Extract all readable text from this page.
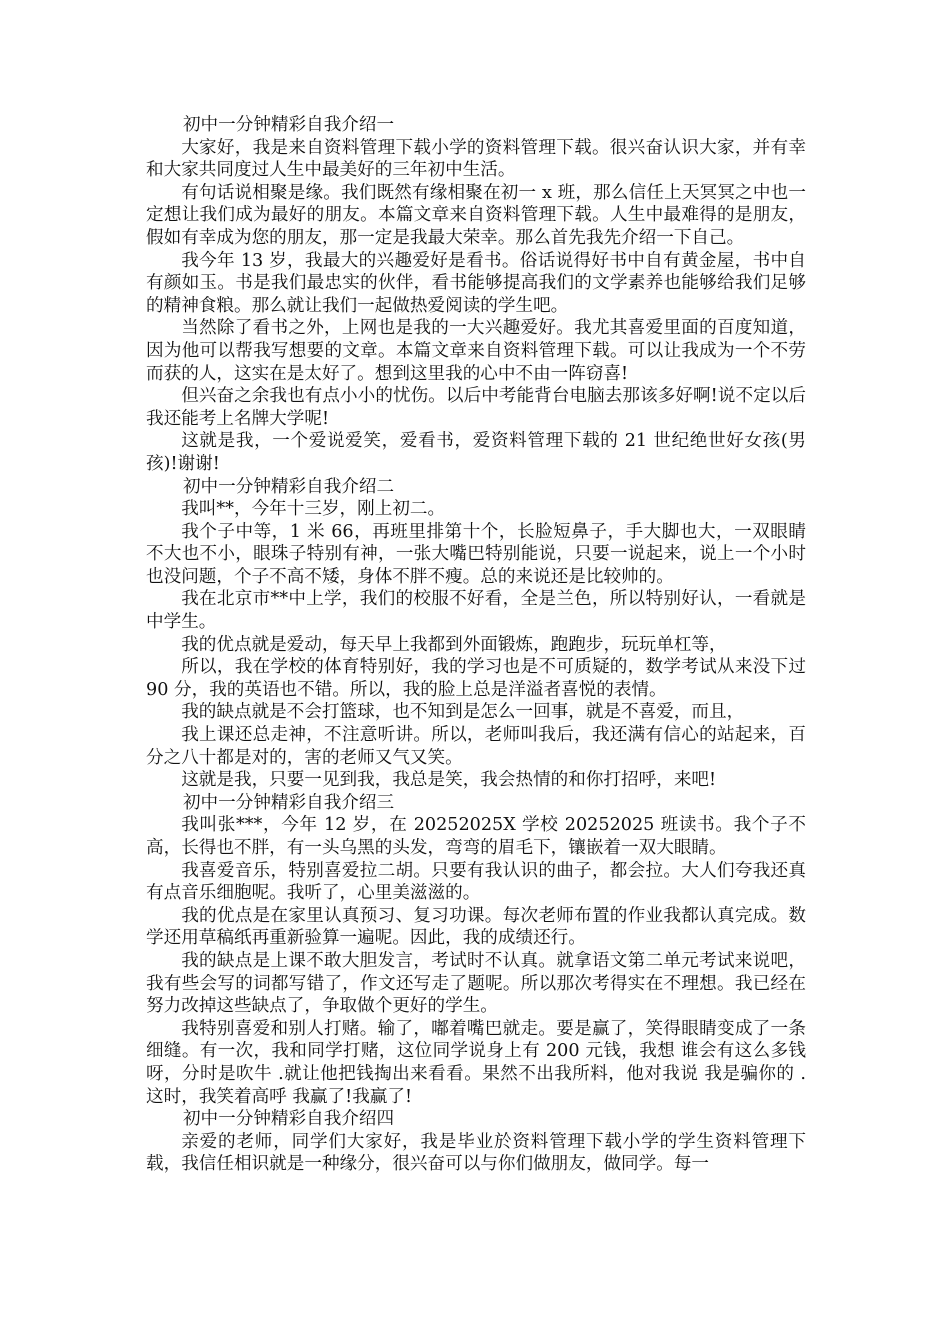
初中一分钟精彩自我介绍一

大家好，我是来自资料管理下载小学的资料管理下载。很兴奋认识大家，并有幸和大家共同度过人生中最美好的三年初中生活。

有句话说相聚是缘。我们既然有缘相聚在初一 x 班，那么信任上天冥冥之中也一定想让我们成为最好的朋友。本篇文章来自资料管理下载。人生中最难得的是朋友，假如有幸成为您的朋友，那一定是我最大荣幸。那么首先我先介绍一下自己。

我今年 13 岁，我最大的兴趣爱好是看书。俗话说得好书中自有黄金屋，书中自有颜如玉。书是我们最忠实的伙伴，看书能够提高我们的文学素养也能够给我们足够的精神食粮。那么就让我们一起做热爱阅读的学生吧。

当然除了看书之外，上网也是我的一大兴趣爱好。我尤其喜爱里面的百度知道，因为他可以帮我写想要的文章。本篇文章来自资料管理下载。可以让我成为一个不劳而获的人，这实在是太好了。想到这里我的心中不由一阵窃喜!

但兴奋之余我也有点小小的忧伤。以后中考能背台电脑去那该多好啊!说不定以后我还能考上名牌大学呢!

这就是我，一个爱说爱笑，爱看书，爱资料管理下载的 21 世纪绝世好女孩(男孩)!谢谢!

初中一分钟精彩自我介绍二

我叫**，今年十三岁，刚上初二。

我个子中等，1 米 66，再班里排第十个，长脸短鼻子，手大脚也大，一双眼睛不大也不小，眼珠子特别有神，一张大嘴巴特别能说，只要一说起来，说上一个小时也没问题，个子不高不矮，身体不胖不瘦。总的来说还是比较帅的。

我在北京市**中上学，我们的校服不好看，全是兰色，所以特别好认，一看就是中学生。

我的优点就是爱动，每天早上我都到外面锻炼，跑跑步，玩玩单杠等，

所以，我在学校的体育特别好，我的学习也是不可质疑的，数学考试从来没下过 90 分，我的英语也不错。所以，我的脸上总是洋溢者喜悦的表情。

我的缺点就是不会打篮球，也不知到是怎么一回事，就是不喜爱，而且，

我上课还总走神，不注意听讲。所以，老师叫我后，我还满有信心的站起来，百分之八十都是对的，害的老师又气又笑。

这就是我，只要一见到我，我总是笑，我会热情的和你打招呼，来吧!

初中一分钟精彩自我介绍三

我叫张***，今年 12 岁，在 20252025X 学校 20252025 班读书。我个子不高，长得也不胖，有一头乌黑的头发，弯弯的眉毛下，镶嵌着一双大眼睛。

我喜爱音乐，特别喜爱拉二胡。只要有我认识的曲子，都会拉。大人们夸我还真有点音乐细胞呢。我听了，心里美滋滋的。

我的优点是在家里认真预习、复习功课。每次老师布置的作业我都认真完成。数学还用草稿纸再重新验算一遍呢。因此，我的成绩还行。

我的缺点是上课不敢大胆发言，考试时不认真。就拿语文第二单元考试来说吧，我有些会写的词都写错了，作文还写走了题呢。所以那次考得实在不理想。我已经在努力改掉这些缺点了，争取做个更好的学生。

我特别喜爱和别人打赌。输了，嘟着嘴巴就走。要是赢了，笑得眼睛变成了一条细缝。有一次，我和同学打赌，这位同学说身上有 200 元钱，我想 谁会有这么多钱呀，分时是吹牛 .就让他把钱掏出来看看。果然不出我所料，他对我说 我是骗你的 .这时，我笑着高呼 我赢了!我赢了!

初中一分钟精彩自我介绍四

亲爱的老师，同学们大家好，我是毕业於资料管理下载小学的学生资料管理下载，我信任相识就是一种缘分，很兴奋可以与你们做朋友，做同学。每一
